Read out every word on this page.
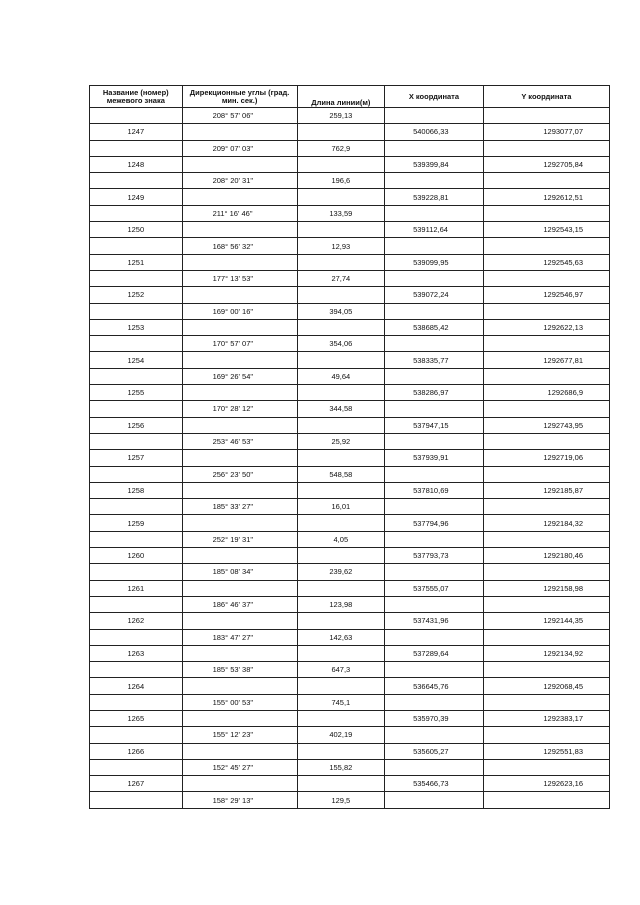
Название (номер) межевого знака	Дирекционные углы (град. мин. сек.)	Длина линии(м)	X координата	Y координата
	208° 57' 06"	259,13		
1247			540066,33	1293077,07
	209° 07' 03"	762,9		
1248			539399,84	1292705,84
	208° 20' 31"	196,6		
1249			539228,81	1292612,51
	211° 16' 46"	133,59		
1250			539112,64	1292543,15
	168° 56' 32"	12,93		
1251			539099,95	1292545,63
	177° 13' 53"	27,74		
1252			539072,24	1292546,97
	169° 00' 16"	394,05		
1253			538685,42	1292622,13
	170° 57' 07"	354,06		
1254			538335,77	1292677,81
	169° 26' 54"	49,64		
1255			538286,97	1292686,9
	170° 28' 12"	344,58		
1256			537947,15	1292743,95
	253° 46' 53"	25,92		
1257			537939,91	1292719,06
	256° 23' 50"	548,58		
1258			537810,69	1292185,87
	185° 33' 27"	16,01		
1259			537794,96	1292184,32
	252° 19' 31"	4,05		
1260			537793,73	1292180,46
	185° 08' 34"	239,62		
1261			537555,07	1292158,98
	186° 46' 37"	123,98		
1262			537431,96	1292144,35
	183° 47' 27"	142,63		
1263			537289,64	1292134,92
	185° 53' 38"	647,3		
1264			536645,76	1292068,45
	155° 00' 53"	745,1		
1265			535970,39	1292383,17
	155° 12' 23"	402,19		
1266			535605,27	1292551,83
	152° 45' 27"	155,82		
1267			535466,73	1292623,16
	158° 29' 13"	129,5		
